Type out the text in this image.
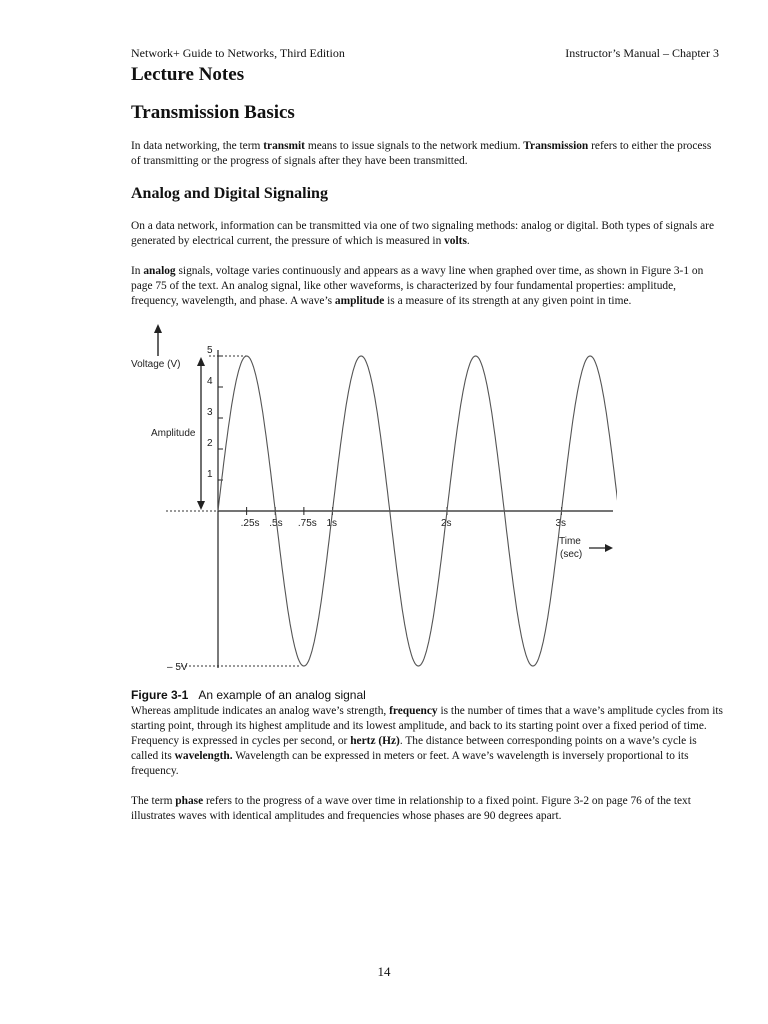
Network+ Guide to Networks, Third Edition	Instructor’s Manual – Chapter 3
Lecture Notes
Transmission Basics

In data networking, the term transmit means to issue signals to the network medium. Transmission refers to either the process of transmitting or the progress of signals after they have been transmitted.

Analog and Digital Signaling

On a data network, information can be transmitted via one of two signaling methods: analog or digital. Both types of signals are generated by electrical current, the pressure of which is measured in volts.

In analog signals, voltage varies continuously and appears as a wavy line when graphed over time, as shown in Figure 3-1 on page 75 of the text. An analog signal, like other waveforms, is characterized by four fundamental properties: amplitude, frequency, wavelength, and phase. A wave’s amplitude is a measure of its strength at any given point in time.

Voltage (V)
Amplitude
1
2
3
4
5
.25s .5s .75s 1s	2s	3s
– 5V
Time
(sec)
Figure 3-1 An example of an analog signal

Whereas amplitude indicates an analog wave’s strength, frequency is the number of times that a wave’s amplitude cycles from its starting point, through its highest amplitude and its lowest amplitude, and back to its starting point over a fixed period of time. Frequency is expressed in cycles per second, or hertz (Hz). The distance between corresponding points on a wave’s cycle is called its wavelength. Wavelength can be expressed in meters or feet. A wave’s wavelength is inversely proportional to its frequency.

The term phase refers to the progress of a wave over time in relationship to a fixed point. Figure 3-2 on page 76 of the text illustrates waves with identical amplitudes and frequencies whose phases are 90 degrees apart.

14
